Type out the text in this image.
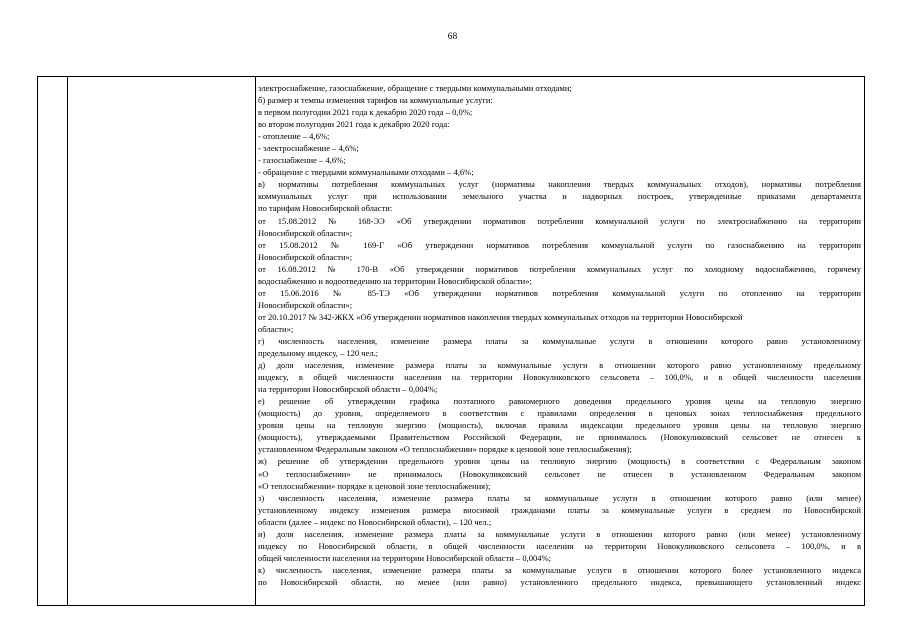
68
электроснабжение, газоснабжение, обращение с твердыми коммунальными отходами;
б) размер и темпы изменения тарифов на коммунальные услуги:
в первом полугодии 2021 года к декабрю 2020 года – 0,0%;
во втором полугодии 2021 года к декабрю 2020 года:
- отопление – 4,6%;
- электроснабжение – 4,6%;
- газоснабжение – 4,6%;
- обращение с твердыми коммунальными отходами – 4,6%;
в) нормативы потребления коммунальных услуг (нормативы накопления твердых коммунальных отходов), нормативы потребления
коммунальных услуг при использовании земельного участка и надворных построек, утвержденные приказами департамента
по тарифам Новосибирской области:
от 15.08.2012 № 168-ЭЭ «Об утверждении нормативов потребления коммунальной услуги по электроснабжению на территории
Новосибирской области»;
от 15.08.2012 № 169-Г «Об утверждении нормативов потребления коммунальной услуги по газоснабжению на территории
Новосибирской области»;
от 16.08.2012 № 170-В «Об утверждении нормативов потребления коммунальных услуг по холодному водоснабжению, горячему
водоснабжению и водоотведению на территории Новосибирской области»;
от 15.06.2016 № 85-ТЭ «Об утверждении нормативов потребления коммунальной услуги по отоплению на территории
Новосибирской области»;
от 20.10.2017 № 342-ЖКХ «Об утверждении нормативов накопления твердых коммунальных отходов на территории Новосибирской
области»;
г) численность населения, изменение размера платы за коммунальные услуги в отношении которого равно установленному
предельному индексу, – 120 чел.;
д) доля населения, изменение размера платы за коммунальные услуги в отношении которого равно установленному предельному
индексу, в общей численности населения на территории Новокуликовского сельсовета – 100,0%, и в общей численности населения
на территории Новосибирской области – 0,004%;
е) решение об утверждении графика поэтапного равномерного доведения предельного уровня цены на тепловую энергию
(мощность) до уровня, определяемого в соответствии с правилами определения в ценовых зонах теплоснабжения предельного
уровня цены на тепловую энергию (мощность), включая правила индексации предельного уровня цены на тепловую энергию
(мощность), утверждаемыми Правительством Российской Федерации, не принималось (Новокуликовский сельсовет не отнесен к
установленном Федеральным законом «О теплоснабжении» порядке к ценовой зоне теплоснабжения);
ж) решение об утверждении предельного уровня цены на тепловую энергию (мощность) в соответствии с Федеральным законом
«О теплоснабжении» не принималось (Новокуликовский сельсовет не отнесен в установленном Федеральным законом
«О теплоснабжении» порядке к ценовой зоне теплоснабжения);
з) численность населения, изменение размера платы за коммунальные услуги в отношении которого равно (или менее)
установленному индексу изменения размера вносимой гражданами платы за коммунальные услуги в среднем по Новосибирской
области (далее – индекс по Новосибирской области), – 120 чел.;
и) доля населения, изменение размера платы за коммунальные услуги в отношении которого равно (или менее) установленному
индексу по Новосибирской области, в общей численности населения на территории Новокуликовского сельсовета – 100,0%, и в
общей численности населения на территории Новосибирской области – 0,004%;
к) численность населения, изменение размера платы за коммунальные услуги в отношении которого более установленного индекса
по Новосибирской области, но менее (или равно) установленного предельного индекса, превышающего установленный индекс
